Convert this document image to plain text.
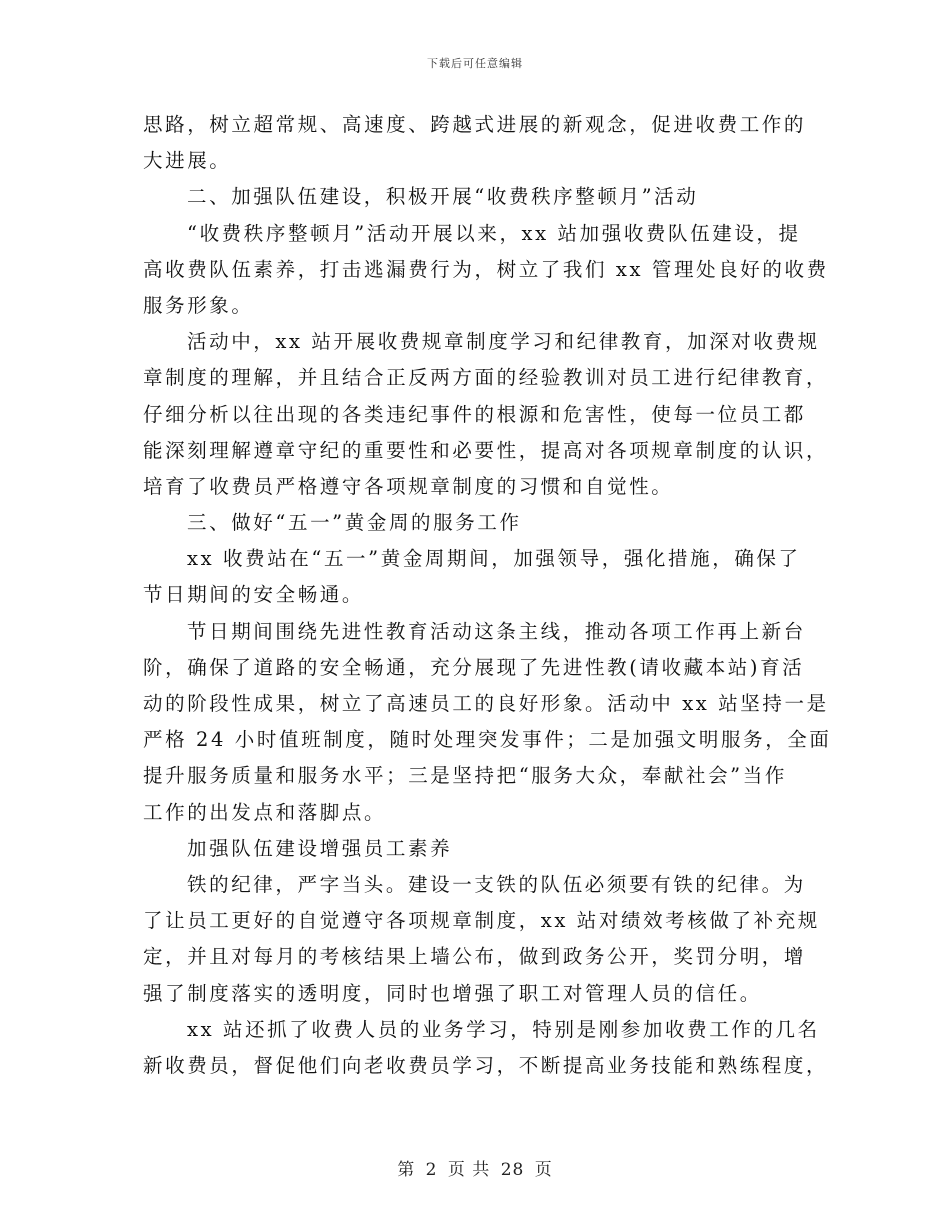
下载后可任意编辑
思路，树立超常规、高速度、跨越式进展的新观念，促进收费工作的
大进展。
二、加强队伍建设，积极开展“收费秩序整顿月”活动
“收费秩序整顿月”活动开展以来，xx 站加强收费队伍建设，提
高收费队伍素养，打击逃漏费行为，树立了我们 xx 管理处良好的收费
服务形象。
活动中，xx 站开展收费规章制度学习和纪律教育，加深对收费规
章制度的理解，并且结合正反两方面的经验教训对员工进行纪律教育，
仔细分析以往出现的各类违纪事件的根源和危害性，使每一位员工都
能深刻理解遵章守纪的重要性和必要性，提高对各项规章制度的认识，
培育了收费员严格遵守各项规章制度的习惯和自觉性。
三、做好“五一”黄金周的服务工作
xx 收费站在“五一”黄金周期间，加强领导，强化措施，确保了
节日期间的安全畅通。
节日期间围绕先进性教育活动这条主线，推动各项工作再上新台
阶，确保了道路的安全畅通，充分展现了先进性教(请收藏本站)育活
动的阶段性成果，树立了高速员工的良好形象。活动中 xx 站坚持一是
严格 24 小时值班制度，随时处理突发事件；二是加强文明服务，全面
提升服务质量和服务水平；三是坚持把“服务大众，奉献社会”当作
工作的出发点和落脚点。
加强队伍建设增强员工素养
铁的纪律，严字当头。建设一支铁的队伍必须要有铁的纪律。为
了让员工更好的自觉遵守各项规章制度，xx 站对绩效考核做了补充规
定，并且对每月的考核结果上墙公布，做到政务公开，奖罚分明，增
强了制度落实的透明度，同时也增强了职工对管理人员的信任。
xx 站还抓了收费人员的业务学习，特别是刚参加收费工作的几名
新收费员，督促他们向老收费员学习，不断提高业务技能和熟练程度，
第 2 页 共 28 页
